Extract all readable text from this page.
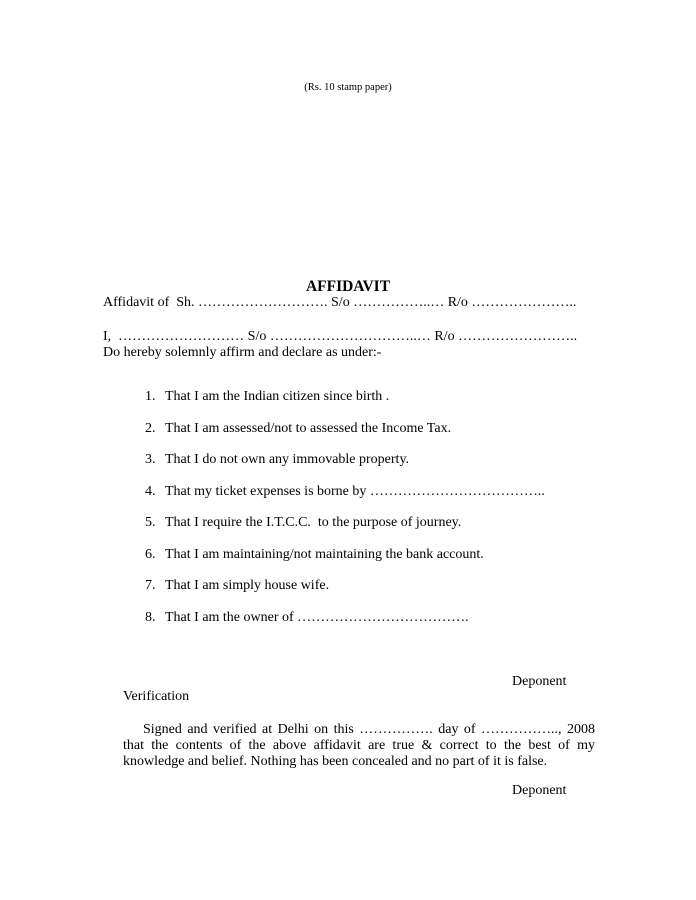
(Rs. 10 stamp paper)
AFFIDAVIT
Affidavit of  Sh. ………………………. S/o ……………..… R/o …………………..
I,  ……………………… S/o …………………………..… R/o ……………………..
Do hereby solemnly affirm and declare as under:-

1. That I am the Indian citizen since birth .

2. That I am assessed/not to assessed the Income Tax.

3. That I do not own any immovable property.

4. That my ticket expenses is borne by ………………………………..

5. That I require the I.T.C.C.  to the purpose of journey.

6. That I am maintaining/not maintaining the bank account.

7. That I am simply house wife.

8. That I am the owner of ……………………………….

Deponent
Verification
Signed and verified at Delhi on this ……………. day of …………….., 2008 that the contents of the above affidavit are true & correct to the best of my knowledge and belief. Nothing has been concealed and no part of it is false.
Deponent
